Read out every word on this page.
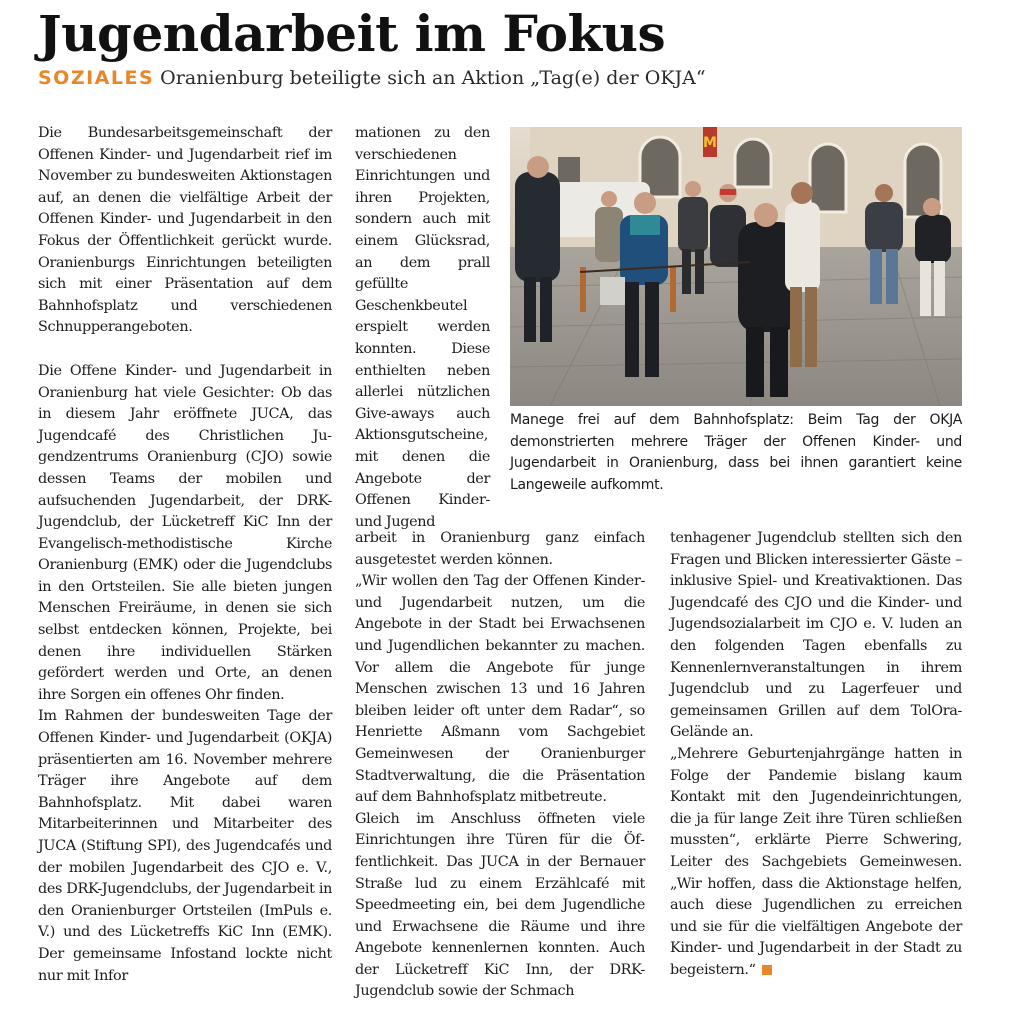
Jugendarbeit im Fokus
SOZIALES Oranienburg beteiligte sich an Aktion „Tag(e) der OKJA“

Die Bundesarbeitsgemeinschaft der Offenen Kinder- und Jugendarbeit rief im November zu bundesweiten Aktionstagen auf, an denen die vielfältige Arbeit der Offenen Kinder- und Jugendarbeit in den Fokus der Öffentlichkeit gerückt wurde. Oranienburgs Einrichtungen beteiligten sich mit einer Präsentation auf dem Bahnhofsplatz und verschiedenen Schnupperangeboten.

Die Offene Kinder- und Jugendarbeit in Oranienburg hat viele Gesichter: Ob das in diesem Jahr eröffnete JUCA, das Jugendcafé des Christlichen Jugendzentrums Oranienburg (CJO) sowie dessen Teams der mobilen und aufsuchenden Jugendarbeit, der DRK-Jugendclub, der Lücketreff KiC Inn der Evangelisch-methodistische Kirche Oranienburg (EMK) oder die Jugendclubs in den Ortsteilen. Sie alle bieten jungen Menschen Freiräume, in denen sie sich selbst entdecken können, Projekte, bei denen ihre individuellen Stärken gefördert werden und Orte, an denen ihre Sorgen ein offenes Ohr finden.

Im Rahmen der bundesweiten Tage der Offenen Kinder- und Jugendarbeit (OKJA) präsentierten am 16. November mehrere Träger ihre Angebote auf dem Bahnhofsplatz. Mit dabei waren Mitarbeiterinnen und Mitarbeiter des JUCA (Stiftung SPI), des Jugendcafés und der mobilen Jugendarbeit des CJO e. V., des DRK-Jugendclubs, der Jugendarbeit in den Oranienburger Ortsteilen (ImPuls e. V.) und des Lücketreffs KiC Inn (EMK). Der gemeinsame Infostand lockte nicht nur mit Infor

mationen zu den verschiedenen Einrichtungen und ihren Projekten, sondern auch mit einem Glücksrad, an dem prall gefüllte Geschenkbeutel erspielt werden konnten. Diese enthielten neben allerlei nützlichen Give-aways auch Aktionsgutscheine, mit denen die Angebote der Offenen Kinder- und Jugend

M
Manege frei auf dem Bahnhofsplatz: Beim Tag der OKJA demonstrierten mehrere Träger der Offenen Kinder- und Jugendarbeit in Oranienburg, dass bei ihnen garantiert keine Langeweile aufkommt.

arbeit in Oranienburg ganz einfach ausgetestet werden können.

„Wir wollen den Tag der Offenen Kinder- und Jugendarbeit nutzen, um die Angebote in der Stadt bei Erwachsenen und Jugendlichen bekannter zu machen. Vor allem die Angebote für junge Menschen zwischen 13 und 16 Jahren bleiben leider oft unter dem Radar“, so Henriette Aßmann vom Sachgebiet Gemeinwesen der Oranienburger Stadtverwaltung, die die Präsentation auf dem Bahnhofsplatz mitbetreute.

Gleich im Anschluss öffneten viele Einrichtungen ihre Türen für die Öffentlichkeit. Das JUCA in der Bernauer Straße lud zu einem Erzählcafé mit Speedmeeting ein, bei dem Jugendliche und Erwachsene die Räume und ihre Angebote kennenlernen konnten. Auch der Lücketreff KiC Inn, der DRK-Jugendclub sowie der Schmach

tenhagener Jugendclub stellten sich den Fragen und Blicken interessierter Gäste – inklusive Spiel- und Kreativaktionen. Das Jugendcafé des CJO und die Kinder- und Jugendsozialarbeit im CJO e. V. luden an den folgenden Tagen ebenfalls zu Kennenlernveranstaltungen in ihrem Jugendclub und zu Lagerfeuer und gemeinsamen Grillen auf dem TolOra-Gelände an.

„Mehrere Geburtenjahrgänge hatten in Folge der Pandemie bislang kaum Kontakt mit den Jugendeinrichtungen, die ja für lange Zeit ihre Türen schließen mussten“, erklärte Pierre Schwering, Leiter des Sachgebiets Gemeinwesen. „Wir hoffen, dass die Aktionstage helfen, auch diese Jugendlichen zu erreichen und sie für die vielfältigen Angebote der Kinder- und Jugendarbeit in der Stadt zu begeistern.“
